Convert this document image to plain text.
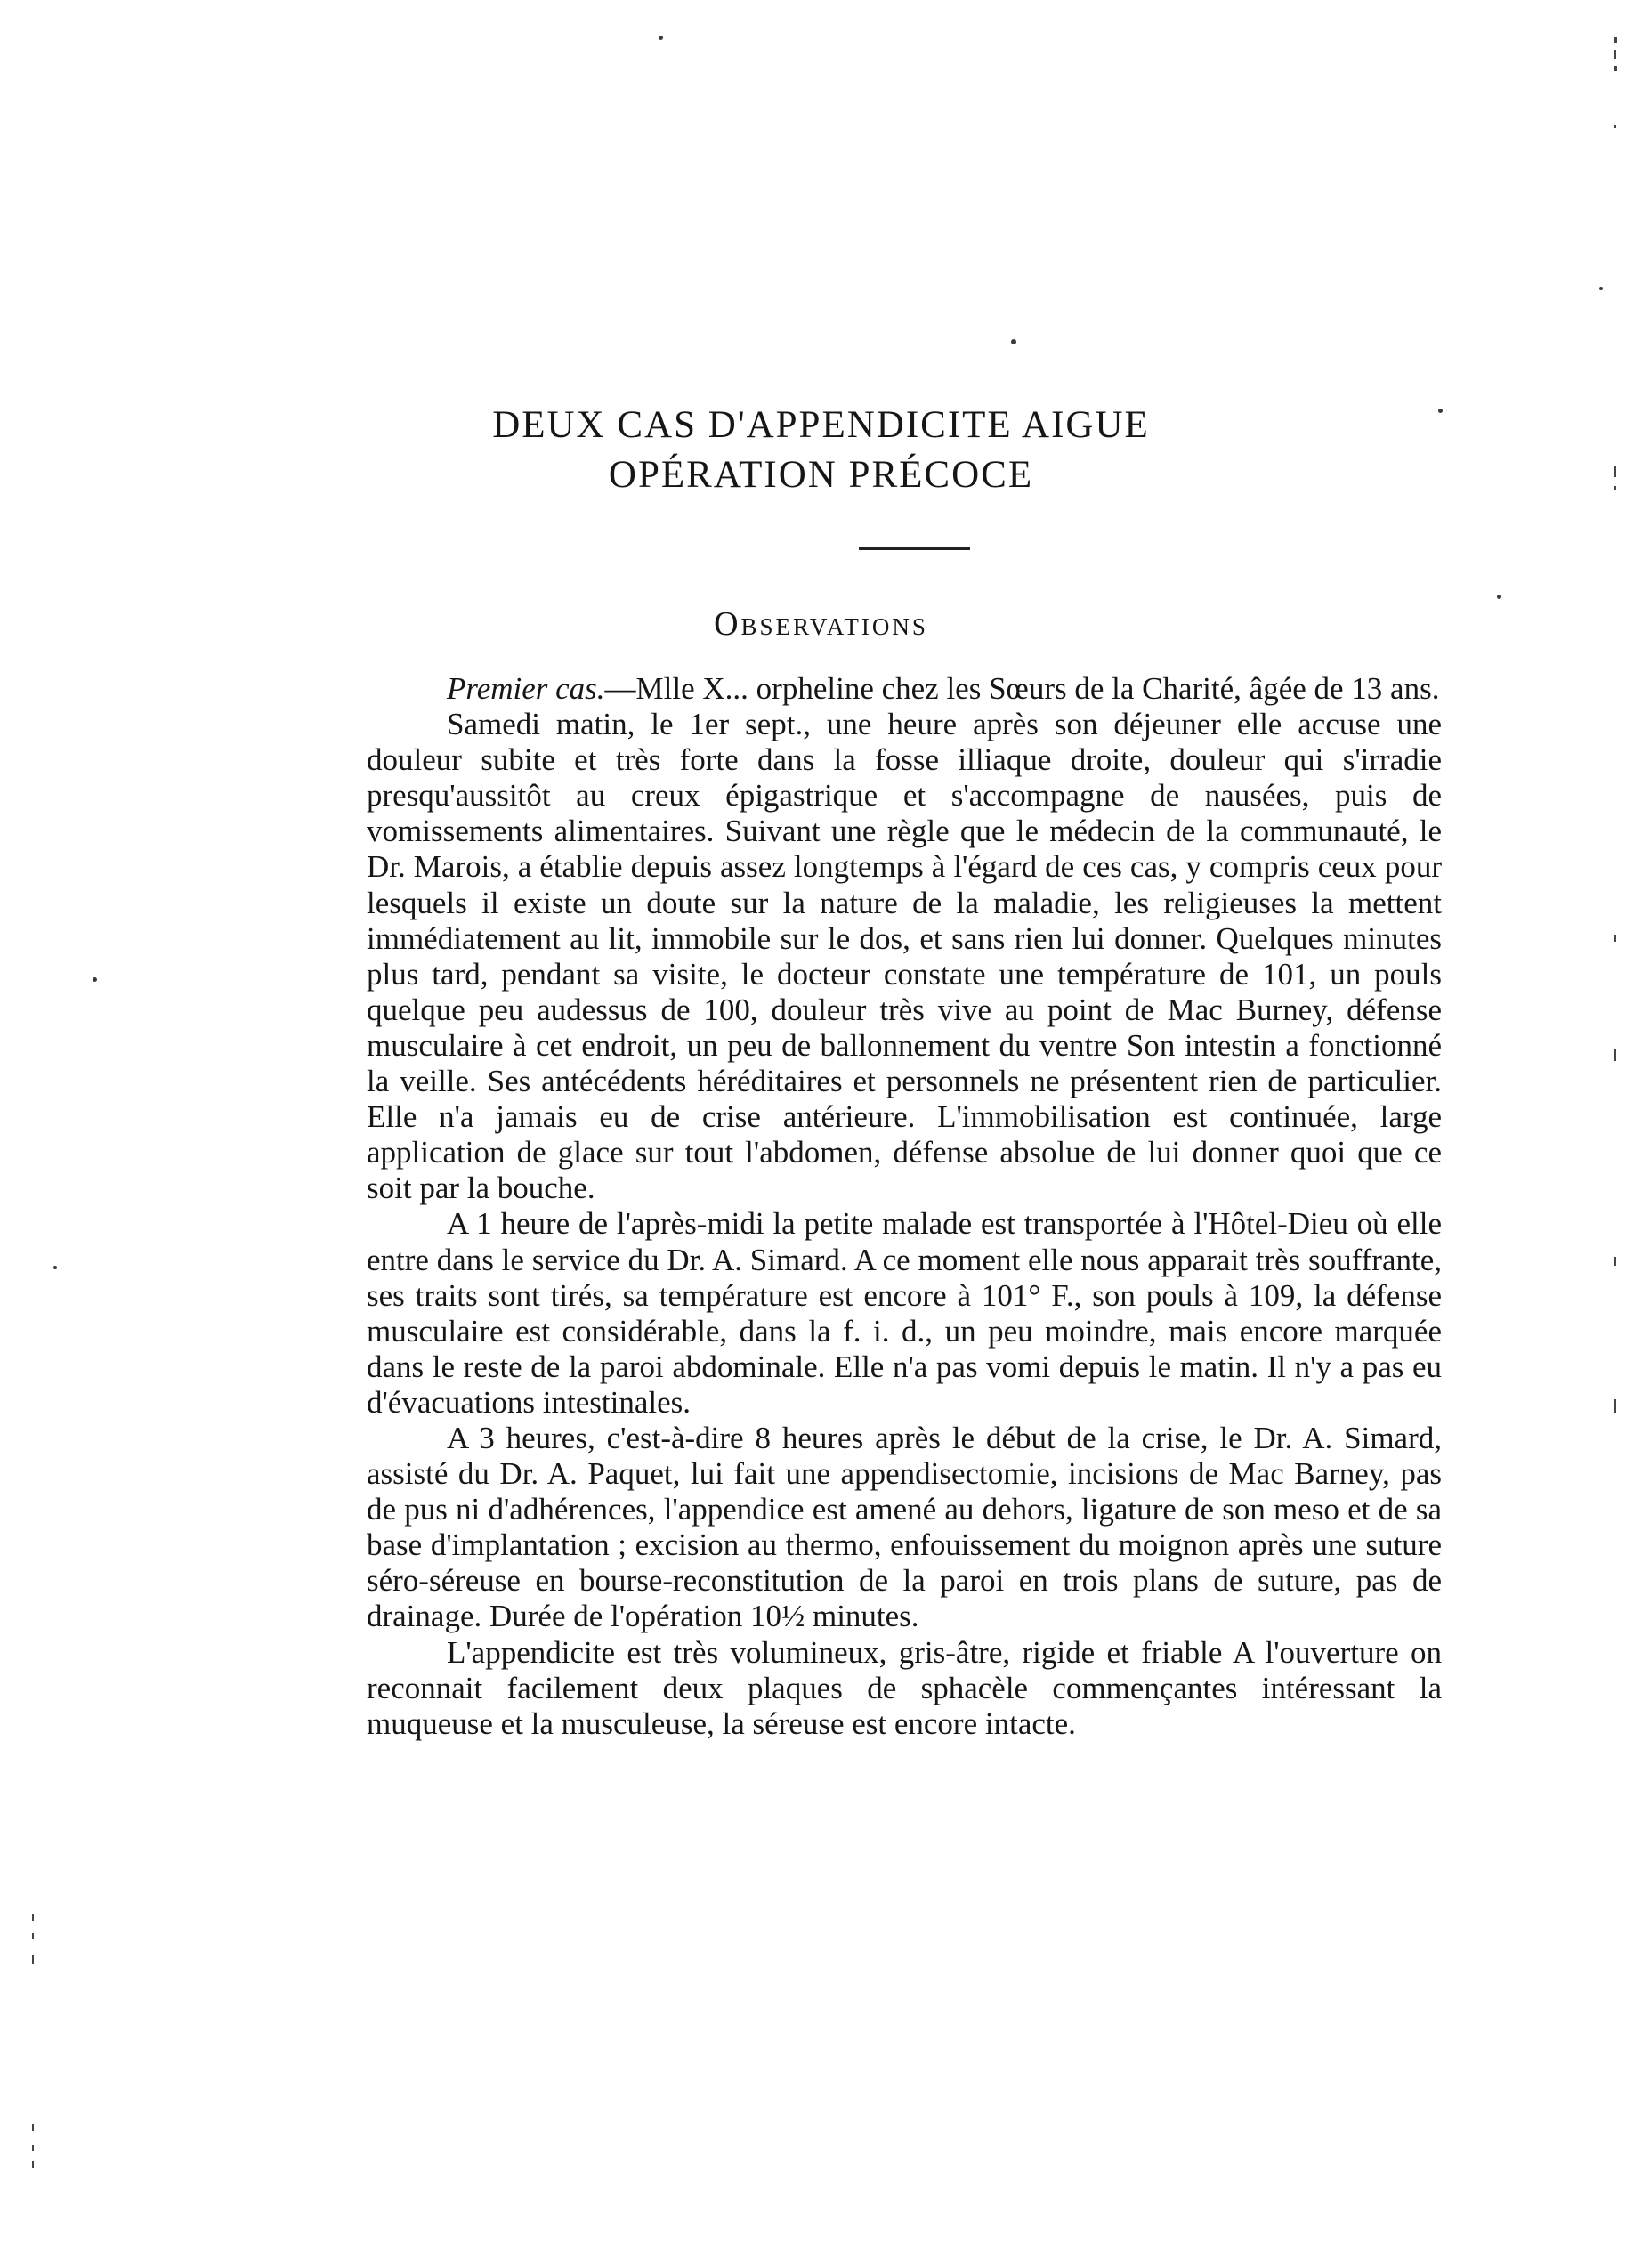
DEUX CAS D'APPENDICITE AIGUE
OPÉRATION PRÉCOCE
Observations

Premier cas.—Mlle X... orpheline chez les Sœurs de la Charité, âgée de 13 ans.

Samedi matin, le 1er sept., une heure après son déjeuner elle accuse une douleur subite et très forte dans la fosse illiaque droite, douleur qui s'irradie presqu'aussitôt au creux épigastrique et s'accompagne de nausées, puis de vomissements alimentaires. Suivant une règle que le médecin de la communauté, le Dr. Marois, a établie depuis assez longtemps à l'égard de ces cas, y compris ceux pour lesquels il existe un doute sur la nature de la maladie, les religieuses la mettent immédiatement au lit, immobile sur le dos, et sans rien lui donner. Quelques minutes plus tard, pendant sa visite, le docteur constate une température de 101, un pouls quelque peu audessus de 100, douleur très vive au point de Mac Burney, défense musculaire à cet endroit, un peu de ballonnement du ventre Son intestin a fonctionné la veille. Ses antécédents héréditaires et personnels ne présentent rien de particulier. Elle n'a jamais eu de crise antérieure. L'immobilisation est continuée, large application de glace sur tout l'abdomen, défense absolue de lui donner quoi que ce soit par la bouche.

A 1 heure de l'après-midi la petite malade est transportée à l'Hôtel-Dieu où elle entre dans le service du Dr. A. Simard. A ce moment elle nous apparait très souffrante, ses traits sont tirés, sa température est encore à 101° F., son pouls à 109, la défense musculaire est considérable, dans la f. i. d., un peu moindre, mais encore marquée dans le reste de la paroi abdominale. Elle n'a pas vomi depuis le matin. Il n'y a pas eu d'évacuations intestinales.

A 3 heures, c'est-à-dire 8 heures après le début de la crise, le Dr. A. Simard, assisté du Dr. A. Paquet, lui fait une appendisectomie, incisions de Mac Barney, pas de pus ni d'adhérences, l'appendice est amené au dehors, ligature de son meso et de sa base d'implantation ; excision au thermo, enfouissement du moignon après une suture séro-séreuse en bourse-reconstitution de la paroi en trois plans de suture, pas de drainage. Durée de l'opération 10½ minutes.

L'appendicite est très volumineux, gris-âtre, rigide et friable A l'ouverture on reconnait facilement deux plaques de sphacèle commençantes intéressant la muqueuse et la musculeuse, la séreuse est encore intacte.
